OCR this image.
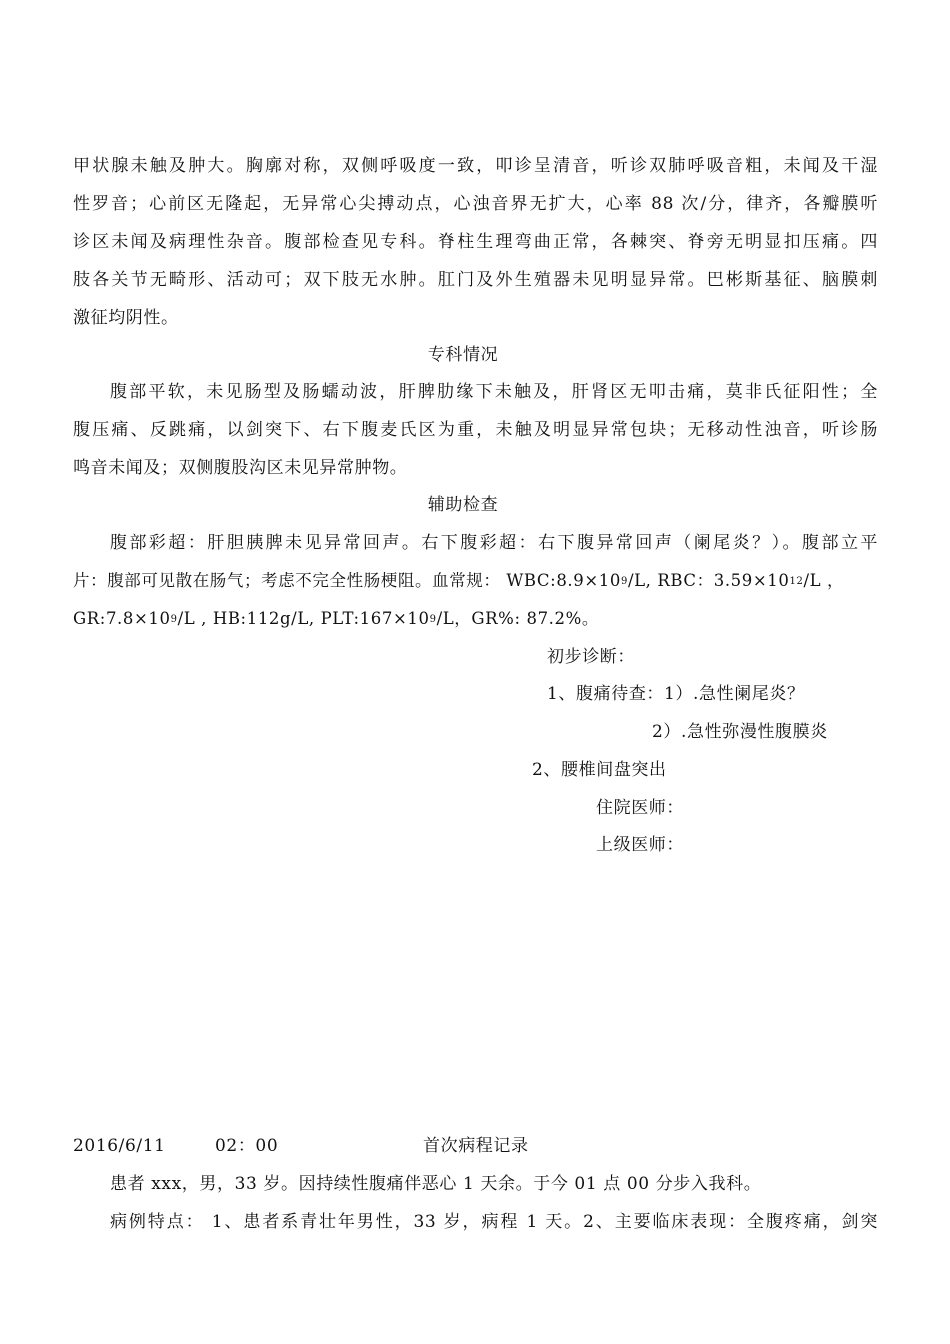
甲状腺未触及肿大。胸廓对称，双侧呼吸度一致，叩诊呈清音，听诊双肺呼吸音粗，未闻及干湿
性罗音；心前区无隆起，无异常心尖搏动点，心浊音界无扩大，心率 88 次/分，律齐，各瓣膜听
诊区未闻及病理性杂音。腹部检查见专科。脊柱生理弯曲正常，各棘突、脊旁无明显扣压痛。四
肢各关节无畸形、活动可；双下肢无水肿。肛门及外生殖器未见明显异常。巴彬斯基征、脑膜刺
激征均阴性。
专科情况
腹部平软，未见肠型及肠蠕动波，肝脾肋缘下未触及，肝肾区无叩击痛，莫非氏征阳性；全
腹压痛、反跳痛，以剑突下、右下腹麦氏区为重，未触及明显异常包块；无移动性浊音，听诊肠
鸣音未闻及；双侧腹股沟区未见异常肿物。
辅助检查
腹部彩超：肝胆胰脾未见异常回声。右下腹彩超：右下腹异常回声（阑尾炎？）。腹部立平
片：腹部可见散在肠气；考虑不完全性肠梗阻。血常规： $WBC:8.9\times 10^9/L$, RBC：$3.59\times 10^{12}/L$ ，
$GR:7.8\times 10^9/L$ , HB:112g/L, $PLT:167\times 10^9/L$，GR%: 87.2%。
初步诊断：
1、腹痛待查：1）.急性阑尾炎？
2）.急性弥漫性腹膜炎
2、腰椎间盘突出
住院医师：
上级医师：
2016/6/11	02：00	首次病程记录
患者 xxx，男，33 岁。因持续性腹痛伴恶心 1 天余。于今 01 点 00 分步入我科。
病例特点： 1、患者系青壮年男性，33 岁，病程 1 天。2、主要临床表现：全腹疼痛，剑突
